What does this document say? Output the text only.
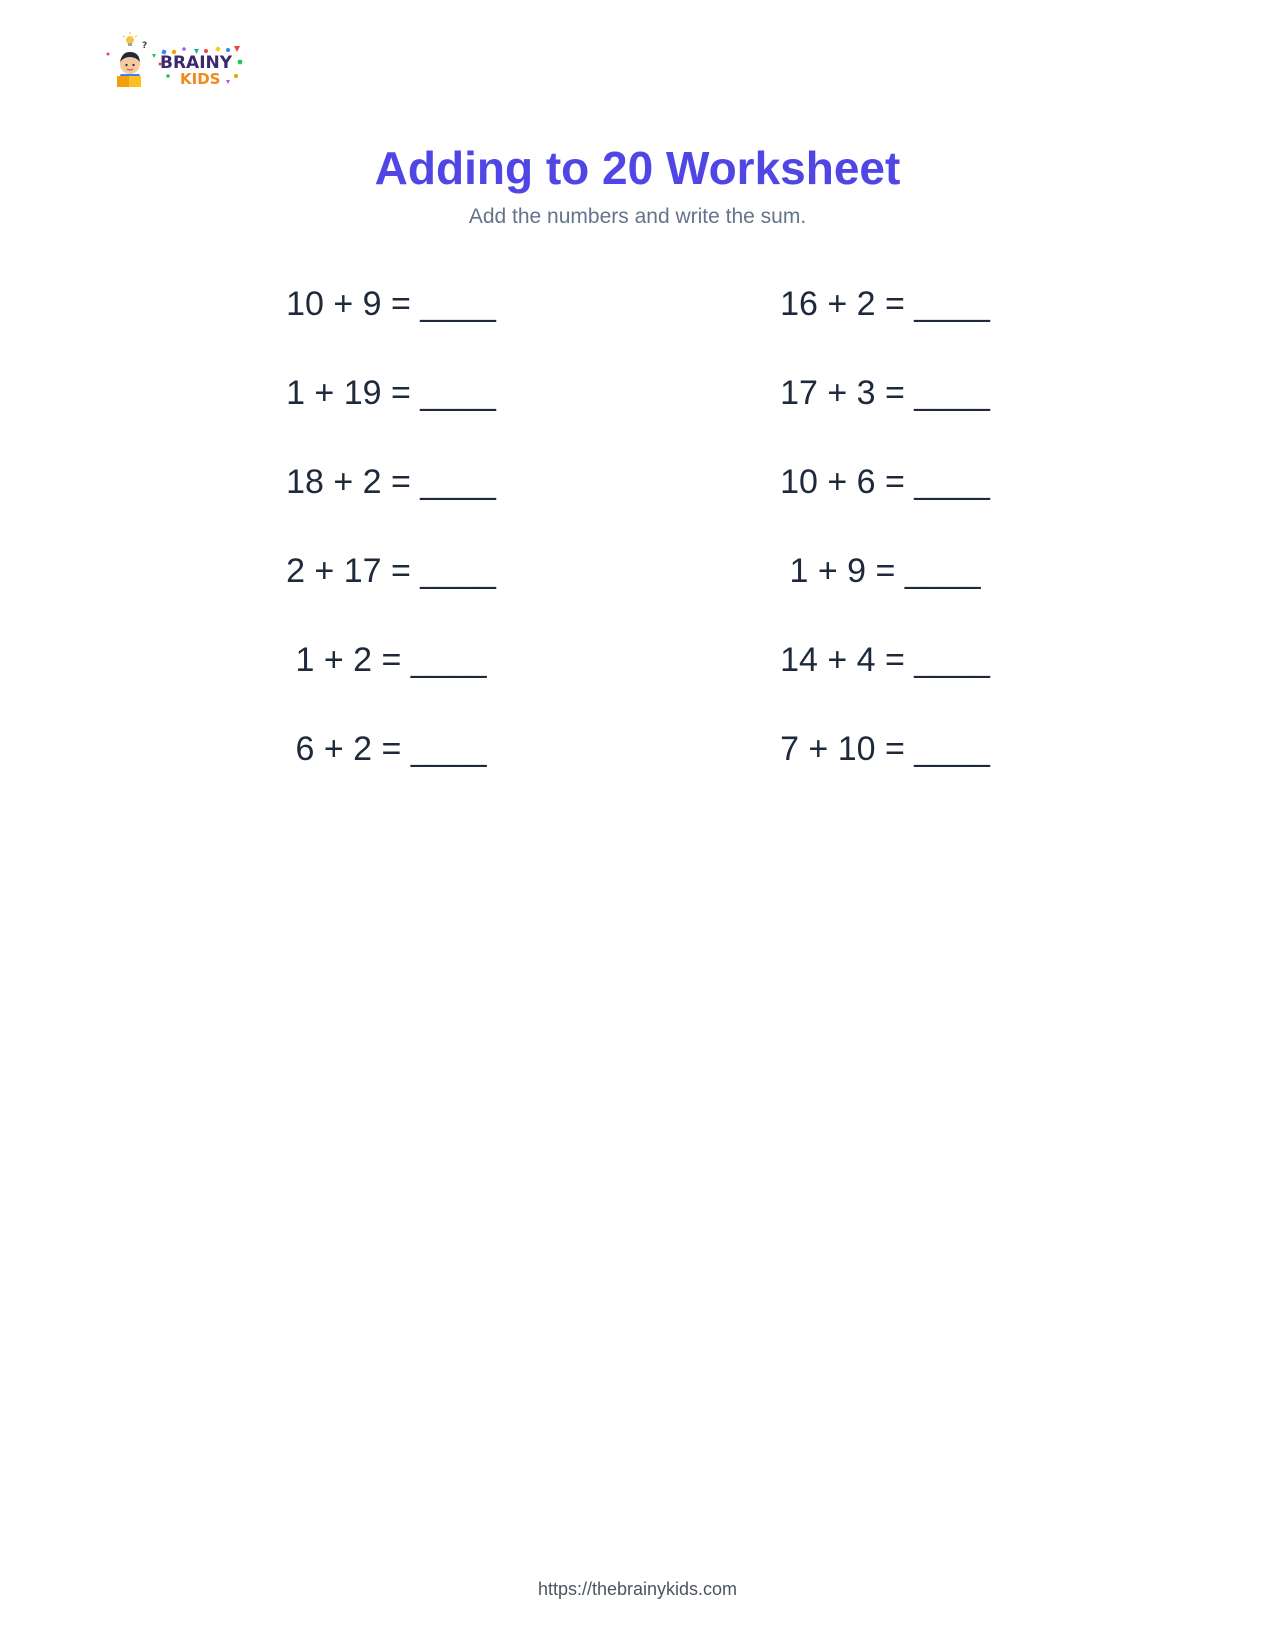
?
BRAINY
KIDS
Adding to 20 Worksheet
Add the numbers and write the sum.
10 + 9 = ____
1 + 19 = ____
18 + 2 = ____
2 + 17 = ____
1 + 2 = ____
6 + 2 = ____
16 + 2 = ____
17 + 3 = ____
10 + 6 = ____
1 + 9 = ____
14 + 4 = ____
7 + 10 = ____
https://thebrainykids.com
